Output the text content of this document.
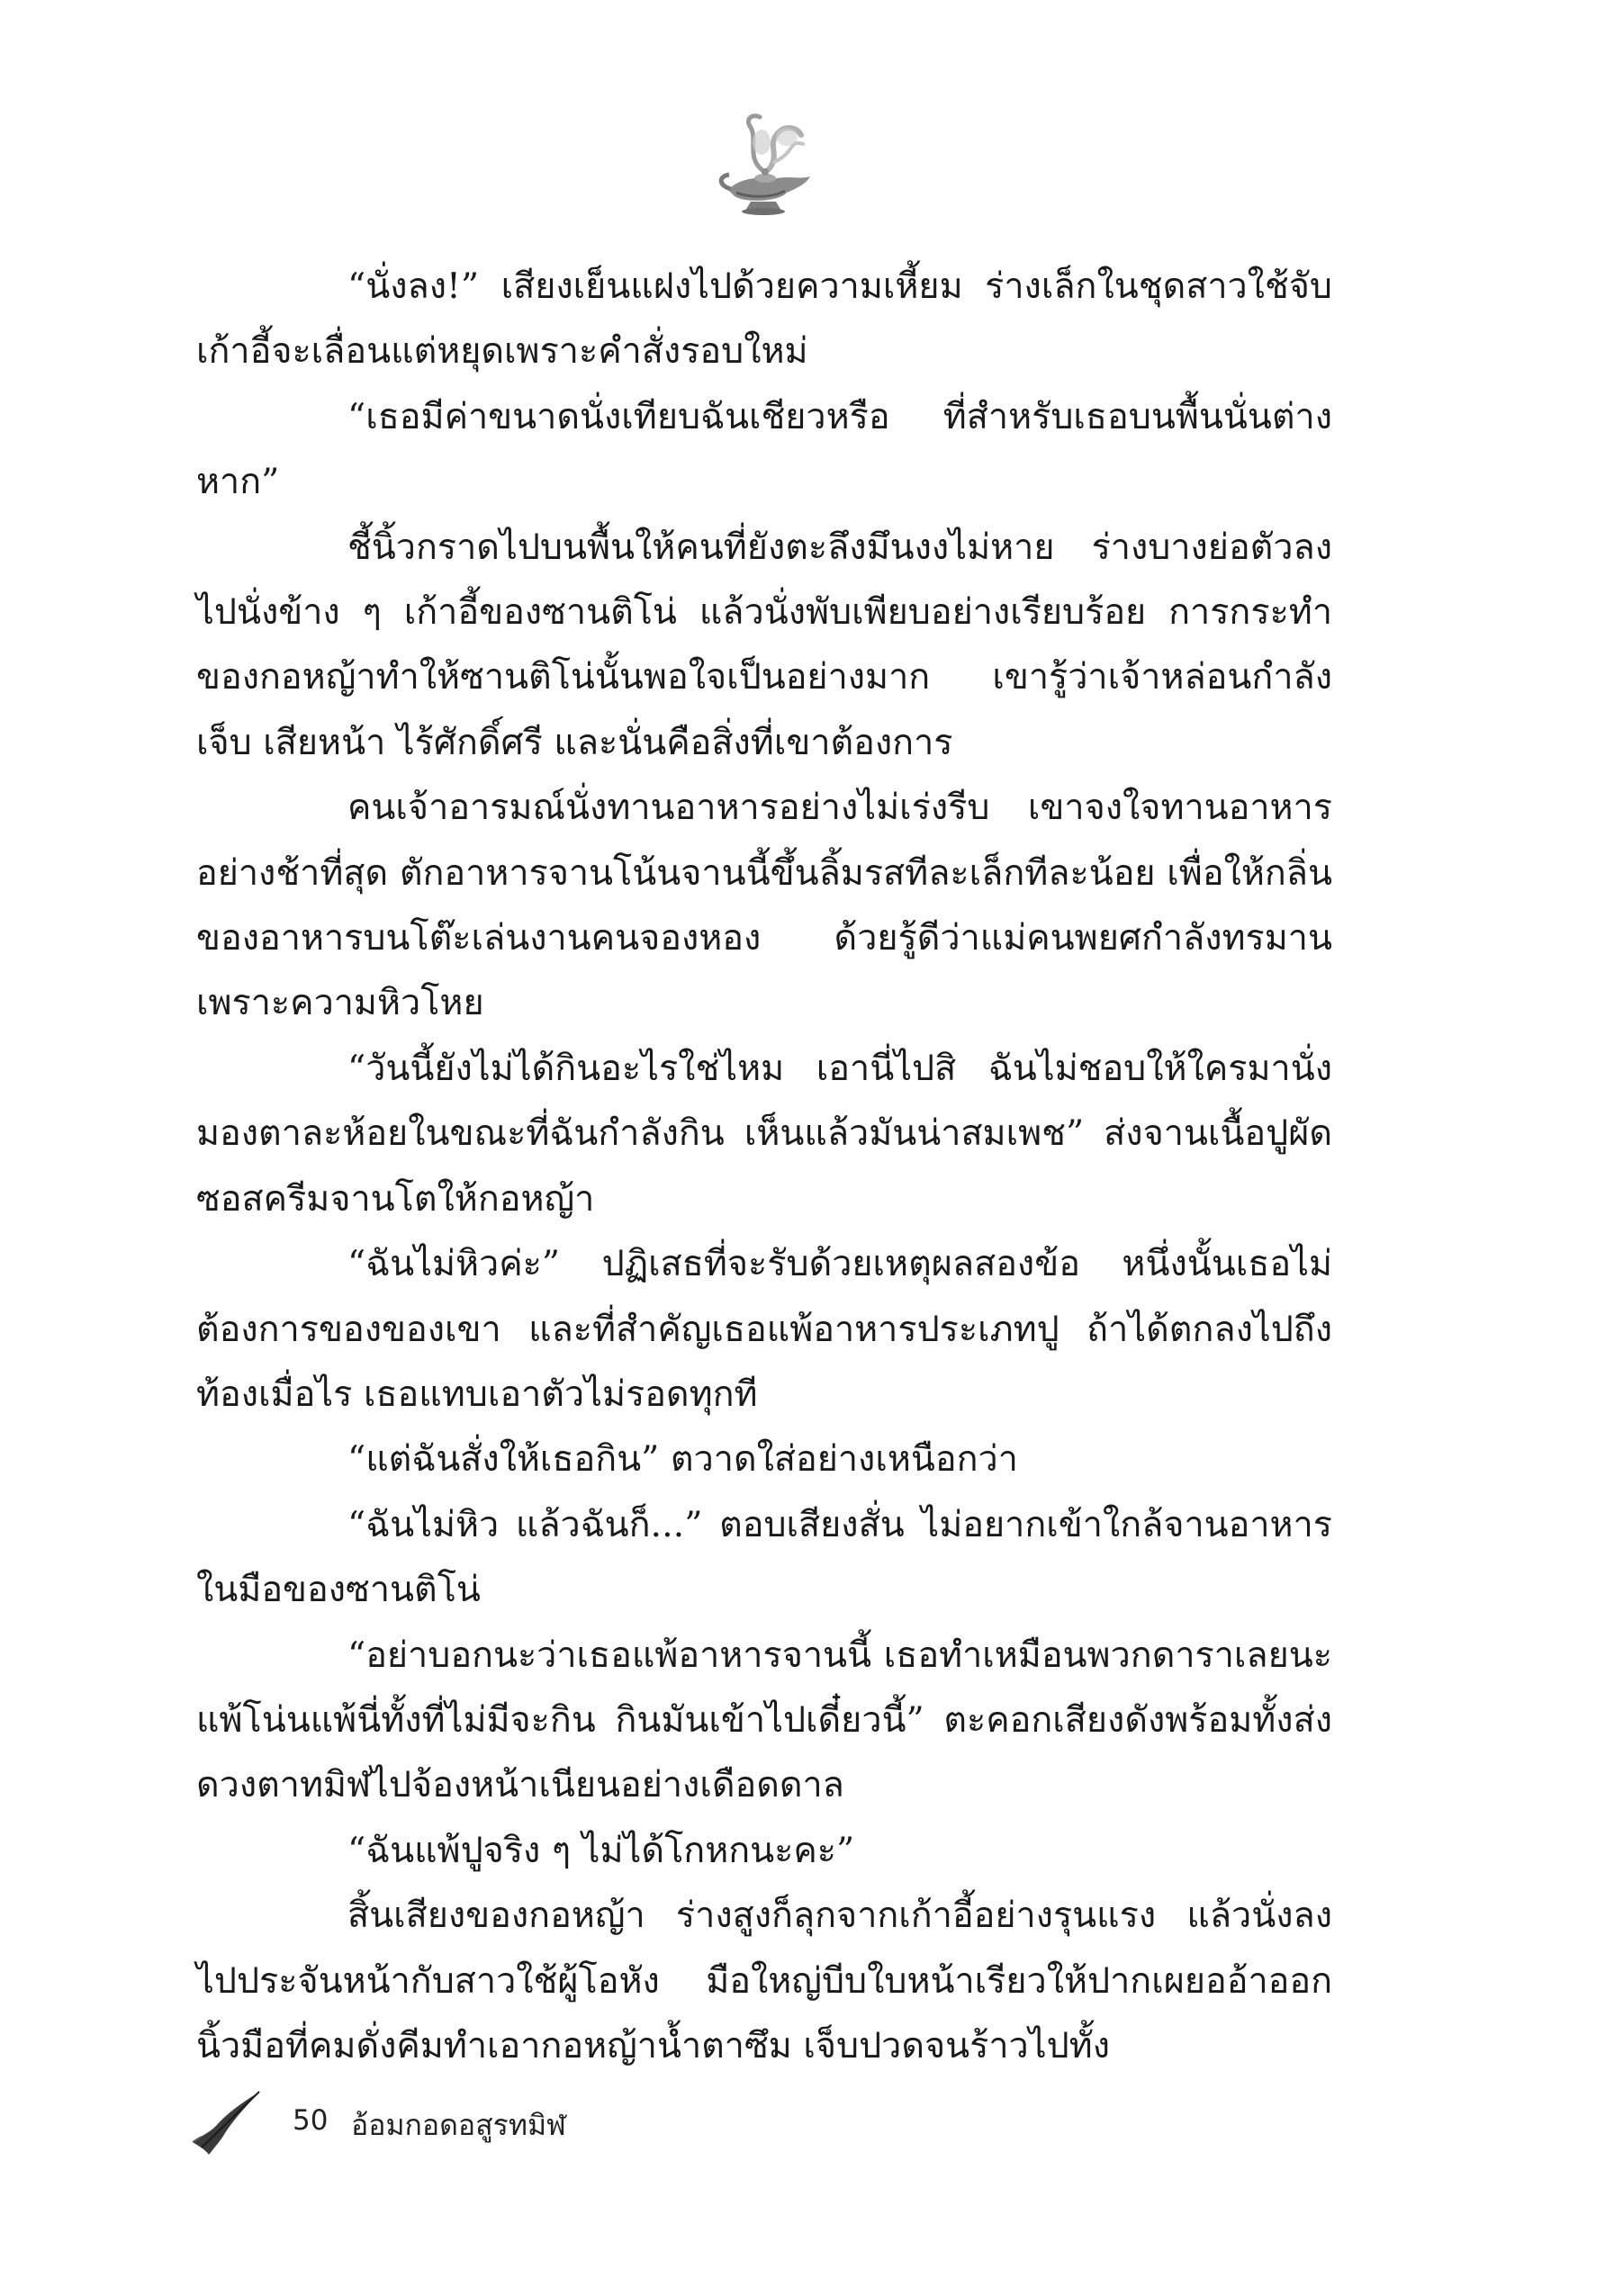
“นั่งลง!” เสียงเย็นแฝงไปด้วยความเหี้ยม ร่างเล็กในชุดสาวใช้จับเก้าอี้จะเลื่อนแต่หยุดเพราะคำสั่งรอบใหม่

“เธอมีค่าขนาดนั่งเทียบฉันเชียวหรือ ที่สำหรับเธอบนพื้นนั่นต่างหาก”

ชี้นิ้วกราดไปบนพื้นให้คนที่ยังตะลึงมึนงงไม่หาย ร่างบางย่อตัวลงไปนั่งข้าง ๆ เก้าอี้ของซานติโน่ แล้วนั่งพับเพียบอย่างเรียบร้อย การกระทำของกอหญ้าทำให้ซานติโน่นั้นพอใจเป็นอย่างมาก เขารู้ว่าเจ้าหล่อนกำลังเจ็บ เสียหน้า ไร้ศักดิ์ศรี และนั่นคือสิ่งที่เขาต้องการ

คนเจ้าอารมณ์นั่งทานอาหารอย่างไม่เร่งรีบ เขาจงใจทานอาหารอย่างช้าที่สุด ตักอาหารจานโน้นจานนี้ขึ้นลิ้มรสทีละเล็กทีละน้อย เพื่อให้กลิ่นของอาหารบนโต๊ะเล่นงานคนจองหอง ด้วยรู้ดีว่าแม่คนพยศกำลังทรมานเพราะความหิวโหย

“วันนี้ยังไม่ได้กินอะไรใช่ไหม เอานี่ไปสิ ฉันไม่ชอบให้ใครมานั่งมองตาละห้อยในขณะที่ฉันกำลังกิน เห็นแล้วมันน่าสมเพช” ส่งจานเนื้อปูผัดซอสครีมจานโตให้กอหญ้า

“ฉันไม่หิวค่ะ” ปฏิเสธที่จะรับด้วยเหตุผลสองข้อ หนึ่งนั้นเธอไม่ต้องการของของเขา และที่สำคัญเธอแพ้อาหารประเภทปู ถ้าได้ตกลงไปถึงท้องเมื่อไร เธอแทบเอาตัวไม่รอดทุกที

“แต่ฉันสั่งให้เธอกิน” ตวาดใส่อย่างเหนือกว่า

“ฉันไม่หิว แล้วฉันก็...” ตอบเสียงสั่น ไม่อยากเข้าใกล้จานอาหารในมือของซานติโน่

“อย่าบอกนะว่าเธอแพ้อาหารจานนี้ เธอทำเหมือนพวกดาราเลยนะ แพ้โน่นแพ้นี่ทั้งที่ไม่มีจะกิน กินมันเข้าไปเดี๋ยวนี้” ตะคอกเสียงดังพร้อมทั้งส่งดวงตาทมิฬไปจ้องหน้าเนียนอย่างเดือดดาล

“ฉันแพ้ปูจริง ๆ ไม่ได้โกหกนะคะ”

สิ้นเสียงของกอหญ้า ร่างสูงก็ลุกจากเก้าอี้อย่างรุนแรง แล้วนั่งลงไปประจันหน้ากับสาวใช้ผู้โอหัง มือใหญ่บีบใบหน้าเรียวให้ปากเผยออ้าออก นิ้วมือที่คมดั่งคีมทำเอากอหญ้าน้ำตาซึม เจ็บปวดจนร้าวไปทั้ง

50 อ้อมกอดอสูรทมิฬ
